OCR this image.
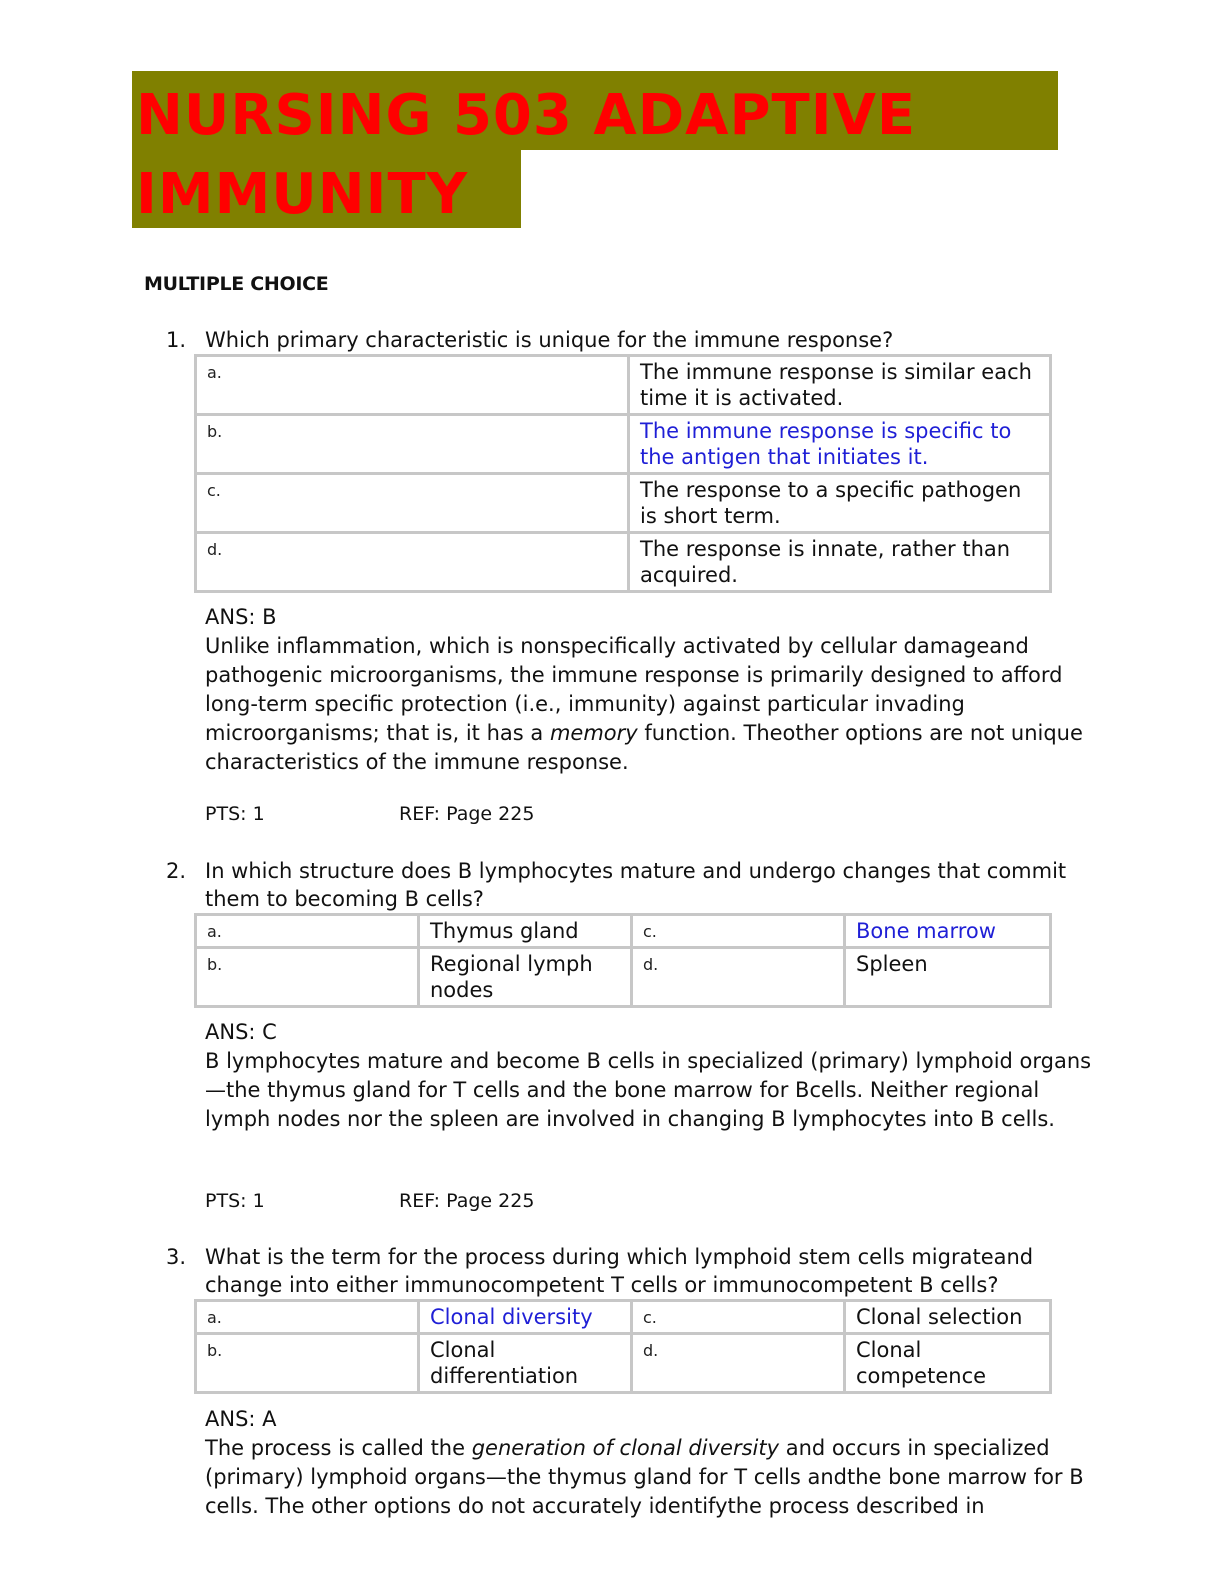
NURSING 503 ADAPTIVE IMMUNITY
MULTIPLE CHOICE
1. Which primary characteristic is unique for the immune response?
a.	The immune response is similar each time it is activated.
b.	The immune response is specific to the antigen that initiates it.
c.	The response to a specific pathogen is short term.
d.	The response is innate, rather than acquired.
ANS: B
Unlike inflammation, which is nonspecifically activated by cellular damageand pathogenic microorganisms, the immune response is primarily designed to afford long-term specific protection (i.e., immunity) against particular invading microorganisms; that is, it has a memory function. Theother options are not unique characteristics of the immune response.
PTS: 1	REF: Page 225
2. In which structure does B lymphocytes mature and undergo changes that commit them to becoming B cells?
a.	Thymus gland	c.	Bone marrow
b.	Regional lymph nodes	d.	Spleen
ANS: C
B lymphocytes mature and become B cells in specialized (primary) lymphoid organs—the thymus gland for T cells and the bone marrow for Bcells. Neither regional lymph nodes nor the spleen are involved in changing B lymphocytes into B cells.
PTS: 1	REF: Page 225
3. What is the term for the process during which lymphoid stem cells migrateand change into either immunocompetent T cells or immunocompetent B cells?
a.	Clonal diversity	c.	Clonal selection
b.	Clonal differentiation	d.	Clonal competence
ANS: A
The process is called the generation of clonal diversity and occurs in specialized (primary) lymphoid organs—the thymus gland for T cells andthe bone marrow for B cells. The other options do not accurately identifythe process described in
